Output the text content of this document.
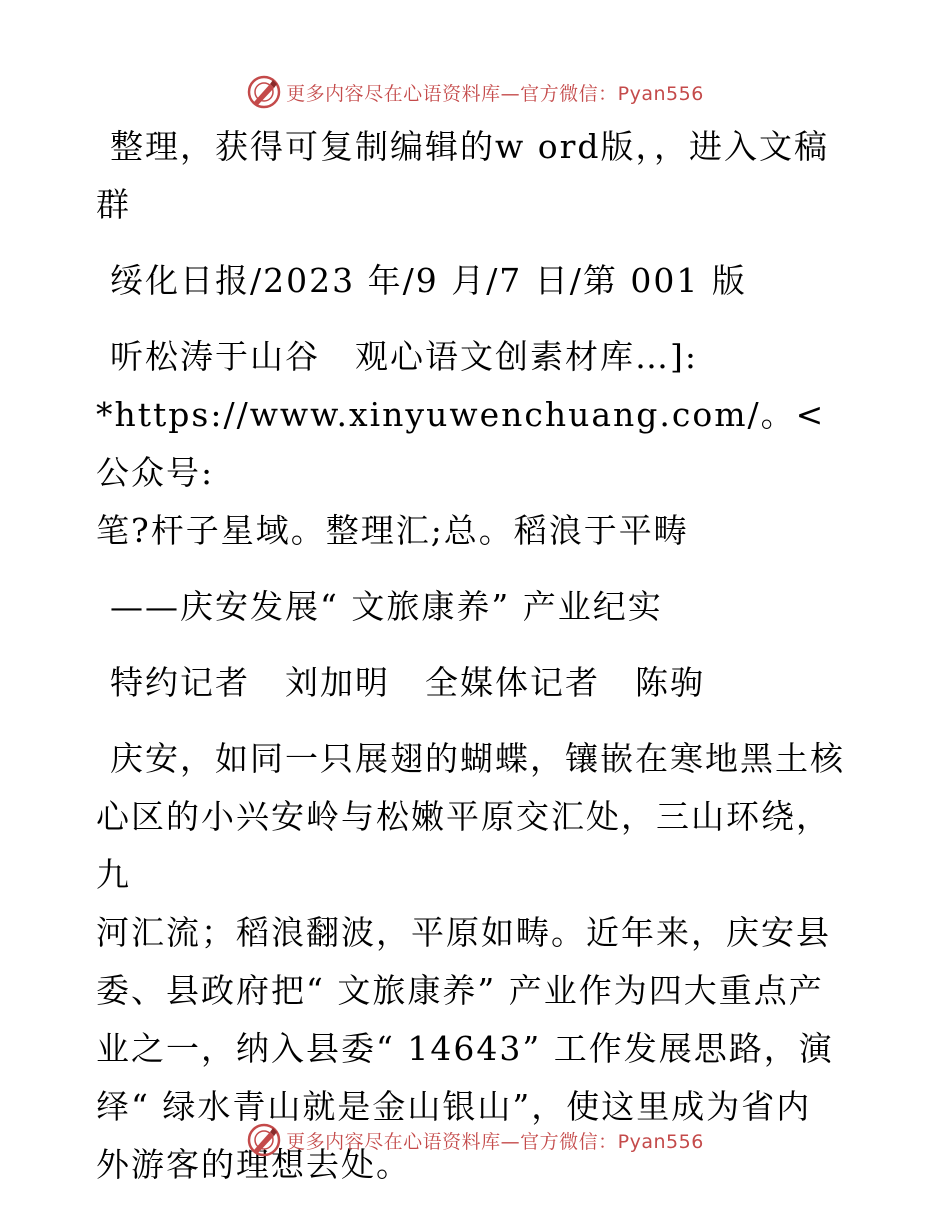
更多内容尽在心语资料库—官方微信：Pyan556

整理，获得可复制编辑的w ord版，，进入文稿

群

绥化日报/2023 年/9 月/7 日/第 001 版

听松涛于山谷　观心语文创素材库…]:

*https://www.xinyuwenchuang.com/。<公众号:

笔?杆子星域。整理汇;总。稻浪于平畴

——庆安发展“ 文旅康养” 产业纪实

特约记者　刘加明　全媒体记者　陈驹

庆安，如同一只展翅的蝴蝶，镶嵌在寒地黑土核

心区的小兴安岭与松嫩平原交汇处，三山环绕，九

河汇流；稻浪翻波，平原如畴。近年来，庆安县

委、县政府把“ 文旅康养” 产业作为四大重点产

业之一，纳入县委“ 14643” 工作发展思路，演

绎“ 绿水青山就是金山银山”，使这里成为省内

外游客的理想去处。

更多内容尽在心语资料库—官方微信：Pyan556
